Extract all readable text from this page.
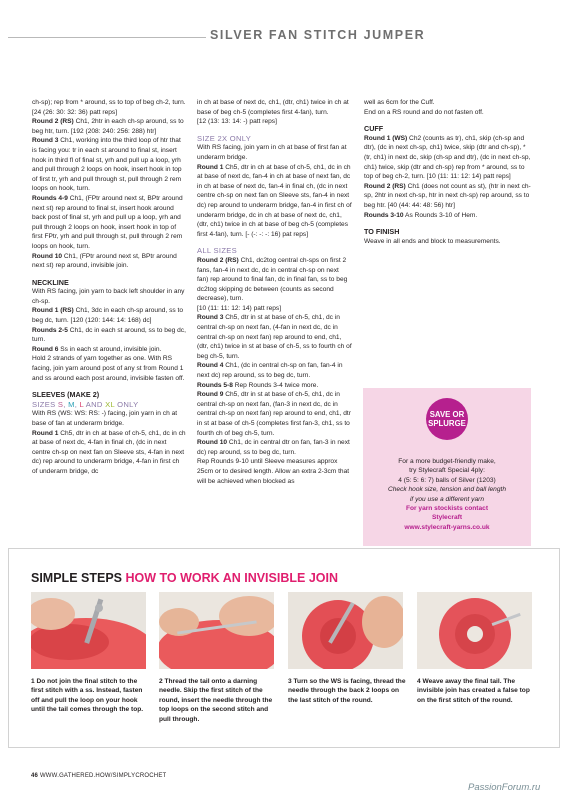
SILVER FAN STITCH JUMPER

ch-sp); rep from * around, ss to top of beg ch-2, turn. [24 (26: 30: 32: 36) patt reps]

Round 2 (RS) Ch1, 2htr in each ch-sp around, ss to beg htr, turn. [192 (208: 240: 256: 288) htr]

Round 3 Ch1, working into the third loop of htr that is facing you: tr in each st around to final st, insert hook in third fl of final st, yrh and pull up a loop, yrh and pull through 2 loops on hook, insert hook in top of first tr, yrh and pull through st, pull through 2 rem loops on hook, turn.

Rounds 4-9 Ch1, (FPtr around next st, BPtr around next st) rep around to final st, insert hook around back post of final st, yrh and pull up a loop, yrh and pull through 2 loops on hook, insert hook in top of first FPtr, yrh and pull through st, pull through 2 rem loops on hook, turn.

Round 10 Ch1, (FPtr around next st, BPtr around next st) rep around, invisible join.

NECKLINE

With RS facing, join yarn to back left shoulder in any ch-sp.

Round 1 (RS) Ch1, 3dc in each ch-sp around, ss to beg dc, turn. [120 (120: 144: 14: 168) dc]

Rounds 2-5 Ch1, dc in each st around, ss to beg dc, turn.

Round 6 Ss in each st around, invisible join.

Hold 2 strands of yarn together as one. With RS facing, join yarn around post of any st from Round 1 and ss around each post around, invisible fasten off.

SLEEVES (MAKE 2)

SIZES S, M, L AND XL ONLY

With RS (WS: WS: RS: -) facing, join yarn in ch at base of fan at underarm bridge.

Round 1 Ch5, dtr in ch at base of ch-5, ch1, dc in ch at base of next dc, 4-fan in final ch, (dc in next centre ch-sp on next fan on Sleeve sts, 4-fan in next dc) rep around to underarm bridge, 4-fan in first ch of underarm bridge, dc

in ch at base of next dc, ch1, (dtr, ch1) twice in ch at base of beg ch-5 (completes first 4-fan), turn.

[12 (13: 13: 14: -) patt reps]

SIZE 2X ONLY

With RS facing, join yarn in ch at base of first fan at underarm bridge.

Round 1 Ch5, dtr in ch at base of ch-5, ch1, dc in ch at base of next dc, fan-4 in ch at base of next fan, dc in ch at base of next dc, fan-4 in final ch, (dc in next centre ch-sp on next fan on Sleeve sts, fan-4 in next dc) rep around to underarm bridge, fan-4 in first ch of underarm bridge, dc in ch at base of next dc, ch1, (dtr, ch1) twice in ch at base of beg ch-5 (completes first 4-fan), turn. [- (-: -: -: 16) pat reps]

ALL SIZES

Round 2 (RS) Ch1, dc2tog central ch-sps on first 2 fans, fan-4 in next dc, dc in central ch-sp on next fan) rep around to final fan, dc in final fan, ss to beg dc2tog skipping dc between (counts as second decrease), turn.

[10 (11: 11: 12: 14) patt reps]

Round 3 Ch5, dtr in st at base of ch-5, ch1, dc in central ch-sp on next fan, (4-fan in next dc, dc in central ch-sp on next fan) rep around to end, ch1, (dtr, ch1) twice in st at base of ch-5, ss to fourth ch of beg ch-5, turn.

Round 4 Ch1, (dc in central ch-sp on fan, fan-4 in next dc) rep around, ss to beg dc, turn.

Rounds 5-8 Rep Rounds 3-4 twice more.

Round 9 Ch5, dtr in st at base of ch-5, ch1, dc in central ch-sp on next fan, (fan-3 in next dc, dc in central ch-sp on next fan) rep around to end, ch1, dtr in st at base of ch-5 (completes first fan-3, ch1, ss to fourth ch of beg ch-5, turn.

Round 10 Ch1, dc in central dtr on fan, fan-3 in next dc) rep around, ss to beg dc, turn.

Rep Rounds 9-10 until Sleeve measures approx 25cm or to desired length. Allow an extra 2-3cm that will be achieved when blocked as

well as 6cm for the Cuff.

End on a RS round and do not fasten off.

CUFF

Round 1 (WS) Ch2 (counts as tr), ch1, skip (ch-sp and dtr), (dc in next ch-sp, ch1) twice, skip (dtr and ch-sp), *(tr, ch1) in next dc, skip (ch-sp and dtr), (dc in next ch-sp, ch1) twice, skip (dtr and ch-sp) rep from * around, ss to top of beg ch-2, turn. [10 (11: 11: 12: 14) patt reps]

Round 2 (RS) Ch1 (does not count as st), (htr in next ch-sp, 2htr in next ch-sp, htr in next ch-sp) rep around, ss to beg htr. [40 (44: 44: 48: 56) htr]

Rounds 3-10 As Rounds 3-10 of Hem.

TO FINISH

Weave in all ends and block to measurements.

SAVE OR
SPLURGE

For a more budget-friendly make,

try Stylecraft Special 4ply:

4 (5: 5: 6: 7) balls of Silver (1203)

Check hook size, tension and ball length

if you use a different yarn

For yarn stockists contact

Stylecraft

www.stylecraft-yarns.co.uk

SIMPLE STEPS HOW TO WORK AN INVISIBLE JOIN
1 Do not join the final stitch to the first stitch with a ss. Instead, fasten off and pull the loop on your hook until the tail comes through the top.
2 Thread the tail onto a darning needle. Skip the first stitch of the round, insert the needle through the top loops on the second stitch and pull through.
3 Turn so the WS is facing, thread the needle through the back 2 loops on the last stitch of the round.
4 Weave away the final tail. The invisible join has created a false top on the first stitch of the round.
46 WWW.GATHERED.HOW/SIMPLYCROCHET
PassionForum.ru
